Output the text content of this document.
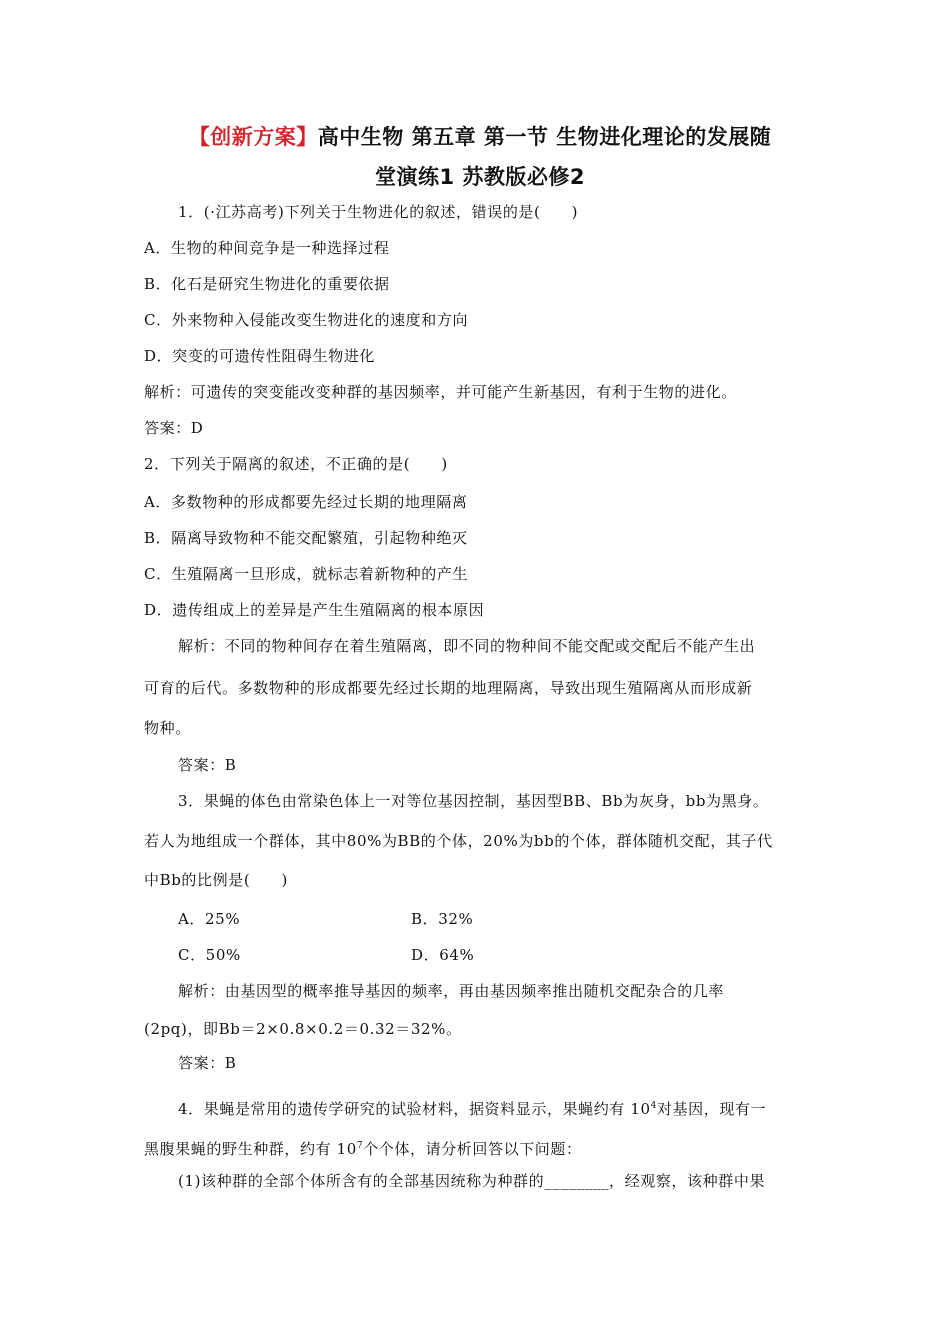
【创新方案】高中生物 第五章 第一节 生物进化理论的发展随
堂演练1 苏教版必修2
1．(·江苏高考)下列关于生物进化的叙述，错误的是(　　)
A．生物的种间竞争是一种选择过程
B．化石是研究生物进化的重要依据
C．外来物种入侵能改变生物进化的速度和方向
D．突变的可遗传性阻碍生物进化
解析：可遗传的突变能改变种群的基因频率，并可能产生新基因，有利于生物的进化。
答案：D
2．下列关于隔离的叙述，不正确的是(　　)
A．多数物种的形成都要先经过长期的地理隔离
B．隔离导致物种不能交配繁殖，引起物种绝灭
C．生殖隔离一旦形成，就标志着新物种的产生
D．遗传组成上的差异是产生生殖隔离的根本原因
解析：不同的物种间存在着生殖隔离，即不同的物种间不能交配或交配后不能产生出
可育的后代。多数物种的形成都要先经过长期的地理隔离，导致出现生殖隔离从而形成新
物种。
答案：B
3．果蝇的体色由常染色体上一对等位基因控制，基因型BB、Bb为灰身，bb为黑身。
若人为地组成一个群体，其中80%为BB的个体，20%为bb的个体，群体随机交配，其子代
中Bb的比例是(　　)
A．25%	B．32%
C．50%	D．64%
解析：由基因型的概率推导基因的频率，再由基因频率推出随机交配杂合的几率
(2pq)，即Bb＝2×0.8×0.2＝0.32＝32%。
答案：B
4．果蝇是常用的遗传学研究的试验材料，据资料显示，果蝇约有 $10^4$对基因，现有一
黑腹果蝇的野生种群，约有 $10^7$个个体，请分析回答以下问题：
(1)该种群的全部个体所含有的全部基因统称为种群的________，经观察，该种群中果
